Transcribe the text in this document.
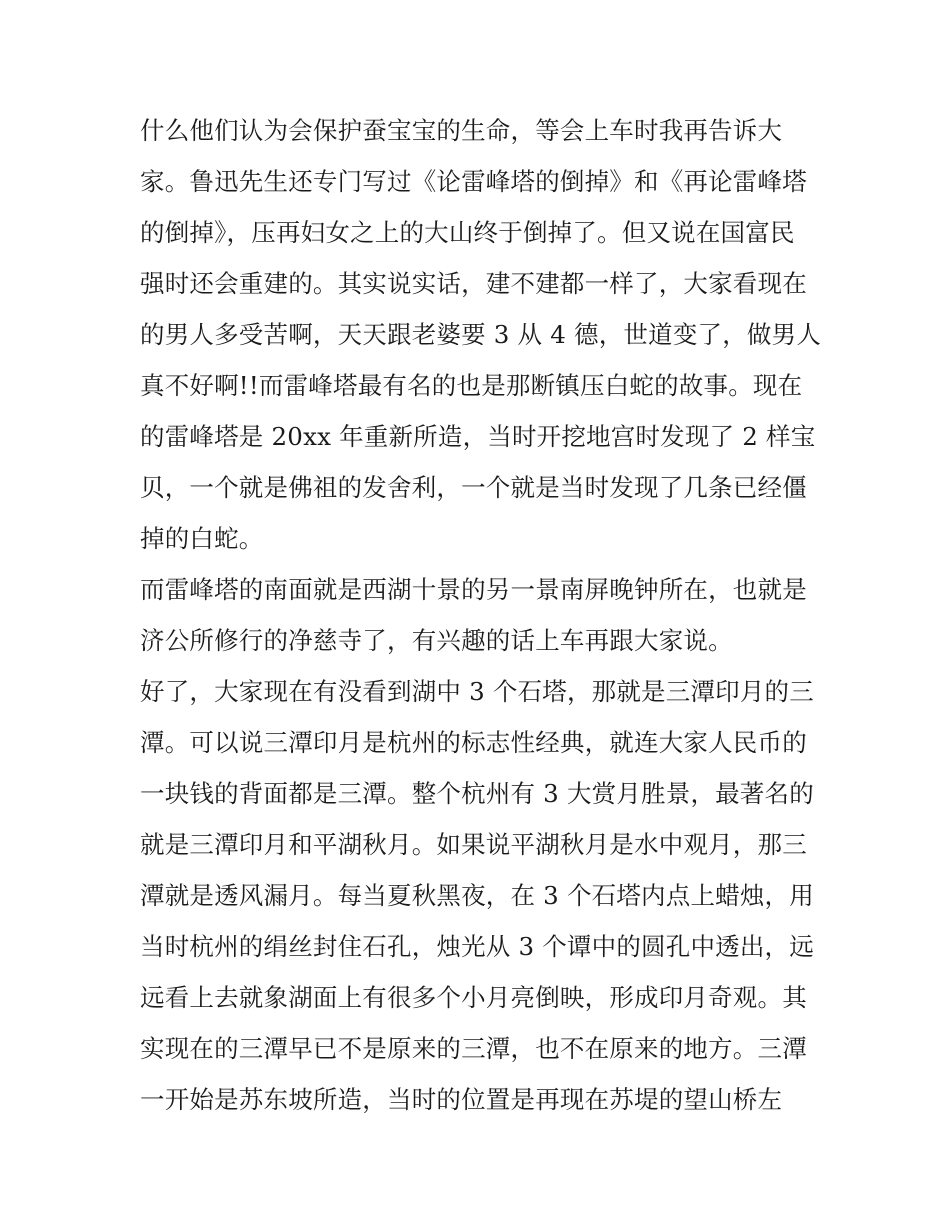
什么他们认为会保护蚕宝宝的生命，等会上车时我再告诉大
家。鲁迅先生还专门写过《论雷峰塔的倒掉》和《再论雷峰塔
的倒掉》，压再妇女之上的大山终于倒掉了。但又说在国富民
强时还会重建的。其实说实话，建不建都一样了，大家看现在
的男人多受苦啊，天天跟老婆要 3 从 4 德，世道变了，做男人
真不好啊!!而雷峰塔最有名的也是那断镇压白蛇的故事。现在
的雷峰塔是 20xx 年重新所造，当时开挖地宫时发现了 2 样宝
贝，一个就是佛祖的发舍利，一个就是当时发现了几条已经僵
掉的白蛇。
而雷峰塔的南面就是西湖十景的另一景南屏晚钟所在，也就是
济公所修行的净慈寺了，有兴趣的话上车再跟大家说。
好了，大家现在有没看到湖中 3 个石塔，那就是三潭印月的三
潭。可以说三潭印月是杭州的标志性经典，就连大家人民币的
一块钱的背面都是三潭。整个杭州有 3 大赏月胜景，最著名的
就是三潭印月和平湖秋月。如果说平湖秋月是水中观月，那三
潭就是透风漏月。每当夏秋黑夜，在 3 个石塔内点上蜡烛，用
当时杭州的绢丝封住石孔，烛光从 3 个谭中的圆孔中透出，远
远看上去就象湖面上有很多个小月亮倒映，形成印月奇观。其
实现在的三潭早已不是原来的三潭，也不在原来的地方。三潭
一开始是苏东坡所造，当时的位置是再现在苏堤的望山桥左
